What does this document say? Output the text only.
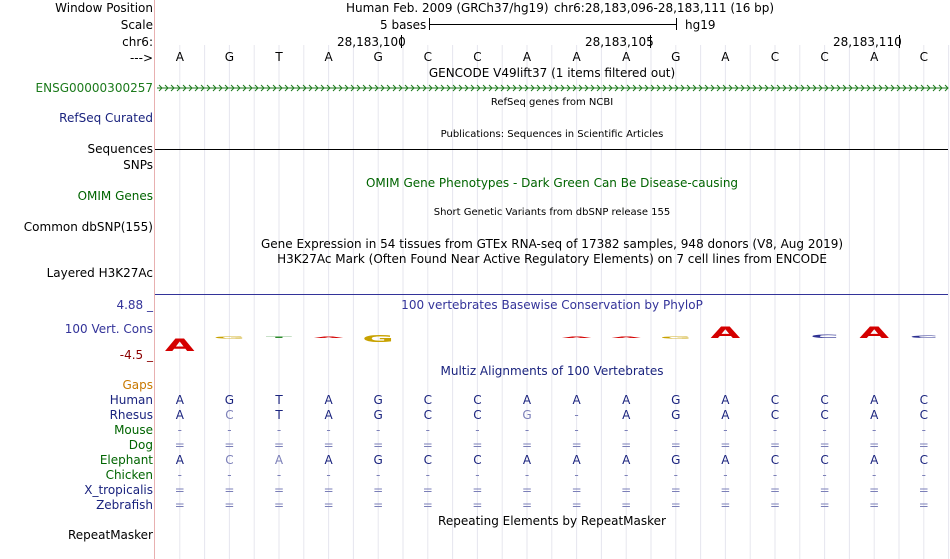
Window Position	Human Feb. 2009 (GRCh37/hg19) chr6:28,183,096-28,183,111 (16 bp)
Scale	5 bases	hg19
chr6:	28,183,100	28,183,105	28,183,110
--->	A	G	T	A	G	C	C	A	A	A	G	A	C	C	A	C
GENCODE V49lift37 (1 items filtered out)
ENSG00000300257
RefSeq genes from NCBI
RefSeq Curated
Publications: Sequences in Scientific Articles
Sequences
SNPs
OMIM Gene Phenotypes - Dark Green Can Be Disease-causing
OMIM Genes
Short Genetic Variants from dbSNP release 155
Common dbSNP(155)
Gene Expression in 54 tissues from GTEx RNA-seq of 17382 samples, 948 donors (V8, Aug 2019)
H3K27Ac Mark (Often Found Near Active Regulatory Elements) on 7 cell lines from ENCODE
Layered H3K27Ac
100 vertebrates Basewise Conservation by PhyloP
4.88 _
100 Vert. Cons
-4.5 _ A G T A G	A A G A	C A C
Multiz Alignments of 100 Vertebrates
Gaps
Human	A	G	T	A	G	C	C	A	A	A	G	A	C	C	A	C
Rhesus	A	C	T	A	G	C	C	G	-	A	G	A	C	C	A	C
Mouse	-	-	-	-	-	-	-	-	-	-	-	-	-	-	-	-
Dog	=	=	=	=	=	=	=	=	=	=	=	=	=	=	=	=
Elephant	A	C	A	A	G	C	C	A	A	A	G	A	C	C	A	C
Chicken	-	-	-	-	-	-	-	-	-	-	-	-	-	-	-	-
X_tropicalis	=	=	=	=	=	=	=	=	=	=	=	=	=	=	=	=
Zebrafish	=	=	=	=	=	=	=	=	=	=	=	=	=	=	=	=
Repeating Elements by RepeatMasker
RepeatMasker
